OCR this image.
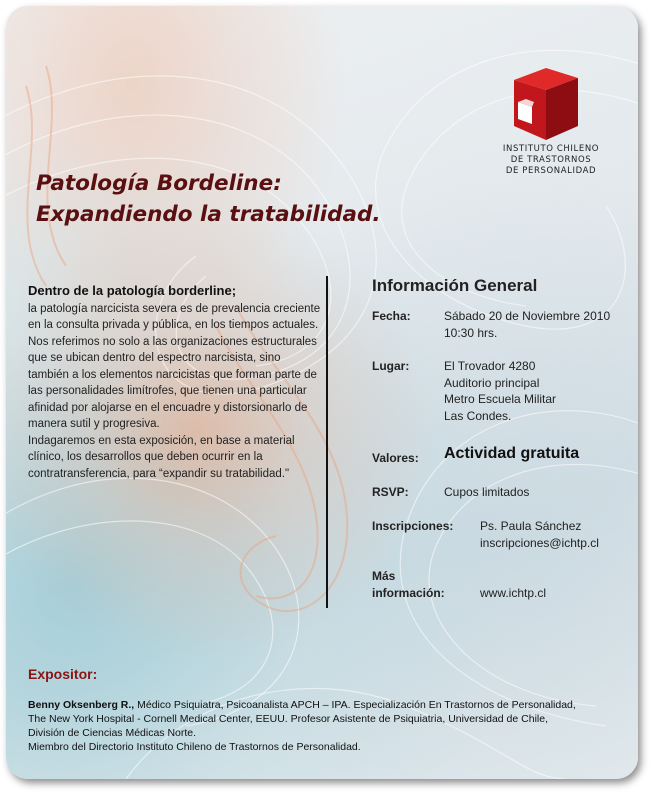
INSTITUTO CHILENO
DE TRASTORNOS
DE PERSONALIDAD
Patología Bordeline:
Expandiendo la tratabilidad.
Dentro de la patología borderline;

la patología narcicista severa es de prevalencia creciente en la consulta privada y pública, en los tiempos actuales.

Nos referimos no solo a las organizaciones estructurales que se ubican dentro del espectro narcisista, sino también a los elementos narcicistas que forman parte de las personalidades limítrofes, que tienen una particular afinidad por alojarse en el encuadre y distorsionarlo de manera sutil y progresiva.

Indagaremos en esta exposición, en base a material clínico, los desarrollos que deben ocurrir en la contratransferencia, para “expandir su tratabilidad."

Información General
Fecha:	Sábado 20 de Noviembre 2010
10:30 hrs.
Lugar:	El Trovador 4280
Auditorio principal
Metro Escuela Militar
Las Condes.
Valores: Actividad gratuita
RSVP:	Cupos limitados
Inscripciones: Ps. Paula Sánchez
inscripciones@ichtp.cl
Más
información:	www.ichtp.cl
Expositor:
Benny Oksenberg R., Médico Psiquiatra, Psicoanalista APCH – IPA. Especialización En Trastornos de Personalidad,
The New York Hospital - Cornell Medical Center, EEUU. Profesor Asistente de Psiquiatria, Universidad de Chile,
División de Ciencias Médicas Norte.
Miembro del Directorio Instituto Chileno de Trastornos de Personalidad.
